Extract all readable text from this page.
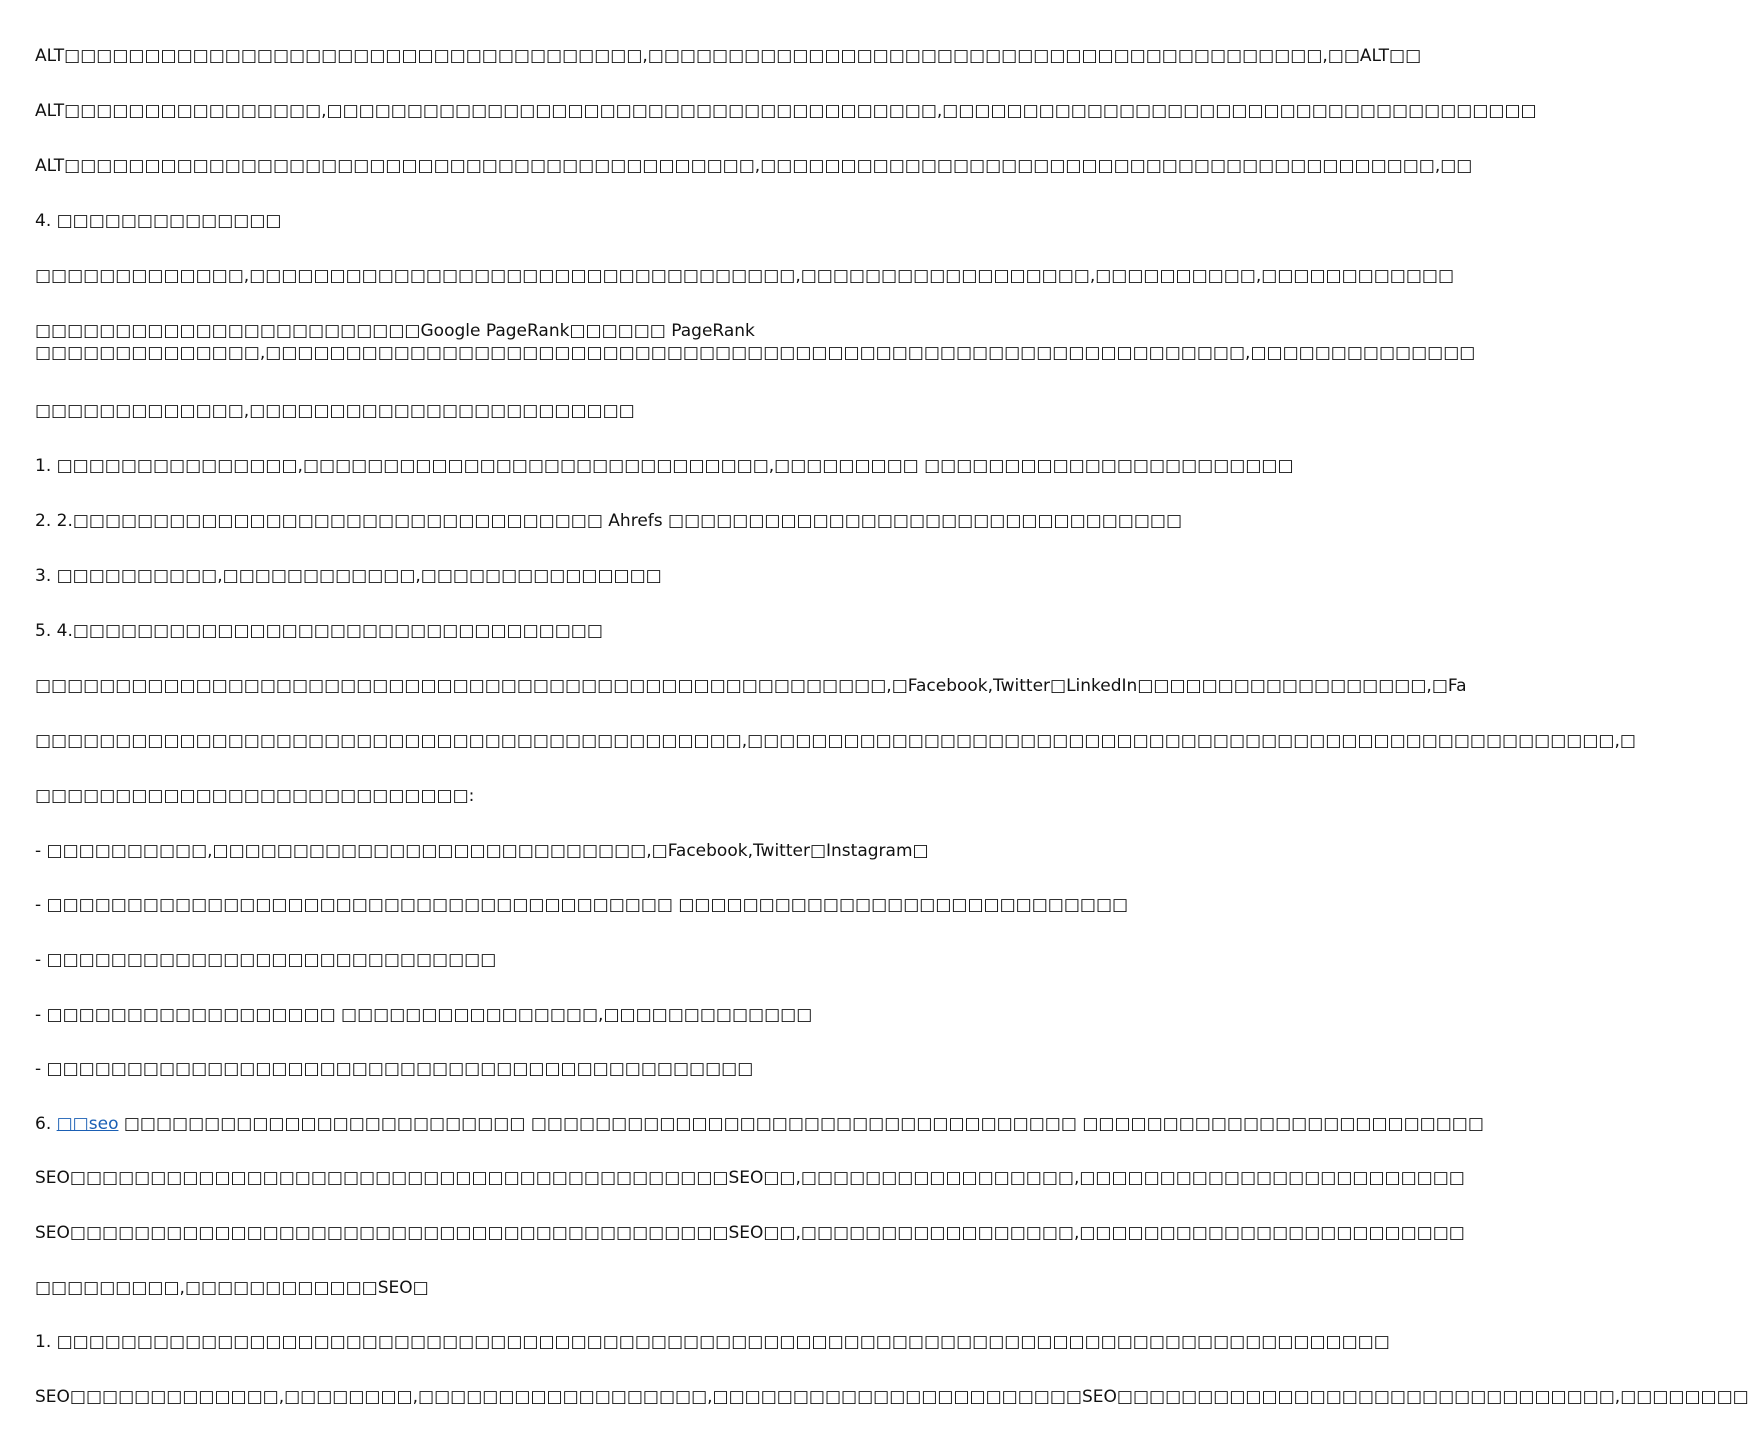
ALT□□□□□□□□□□□□□□□□□□□□□□□□□□□□□□□□□□□□,□□□□□□□□□□□□□□□□□□□□□□□□□□□□□□□□□□□□□□□□□□,□□ALT□□
ALT□□□□□□□□□□□□□□□□,□□□□□□□□□□□□□□□□□□□□□□□□□□□□□□□□□□□□□□,□□□□□□□□□□□□□□□□□□□□□□□□□□□□□□□□□□□□□
ALT□□□□□□□□□□□□□□□□□□□□□□□□□□□□□□□□□□□□□□□□□□□,□□□□□□□□□□□□□□□□□□□□□□□□□□□□□□□□□□□□□□□□□□,□□
4. □□□□□□□□□□□□□□
□□□□□□□□□□□□□,□□□□□□□□□□□□□□□□□□□□□□□□□□□□□□□□□□,□□□□□□□□□□□□□□□□□□,□□□□□□□□□□,□□□□□□□□□□□□
□□□□□□□□□□□□□□□□□□□□□□□□Google PageRank□□□□□□ PageRank □□□□□□□□□□□□□□,□□□□□□□□□□□□□□□□□□□□□□□□□□□□□□□□□□□□□□□□□□□□□□□□□□□□□□□□□□□□□,□□□□□□□□□□□□□□
□□□□□□□□□□□□□,□□□□□□□□□□□□□□□□□□□□□□□□
1. □□□□□□□□□□□□□□□,□□□□□□□□□□□□□□□□□□□□□□□□□□□□□,□□□□□□□□□ □□□□□□□□□□□□□□□□□□□□□□□
2. 2.□□□□□□□□□□□□□□□□□□□□□□□□□□□□□□□□□ Ahrefs □□□□□□□□□□□□□□□□□□□□□□□□□□□□□□□□
3. □□□□□□□□□□,□□□□□□□□□□□□,□□□□□□□□□□□□□□□
5. 4.□□□□□□□□□□□□□□□□□□□□□□□□□□□□□□□□□
□□□□□□□□□□□□□□□□□□□□□□□□□□□□□□□□□□□□□□□□□□□□□□□□□□□□□,□Facebook,Twitter□LinkedIn□□□□□□□□□□□□□□□□□□,□Fa
□□□□□□□□□□□□□□□□□□□□□□□□□□□□□□□□□□□□□□□□□□□□,□□□□□□□□□□□□□□□□□□□□□□□□□□□□□□□□□□□□□□□□□□□□□□□□□□□□□□,□
□□□□□□□□□□□□□□□□□□□□□□□□□□□:
- □□□□□□□□□□,□□□□□□□□□□□□□□□□□□□□□□□□□□□,□Facebook,Twitter□Instagram□
- □□□□□□□□□□□□□□□□□□□□□□□□□□□□□□□□□□□□□□□ □□□□□□□□□□□□□□□□□□□□□□□□□□□□
- □□□□□□□□□□□□□□□□□□□□□□□□□□□□
- □□□□□□□□□□□□□□□□□□ □□□□□□□□□□□□□□□□,□□□□□□□□□□□□□
- □□□□□□□□□□□□□□□□□□□□□□□□□□□□□□□□□□□□□□□□□□□□
6. □□seo □□□□□□□□□□□□□□□□□□□□□□□□□ □□□□□□□□□□□□□□□□□□□□□□□□□□□□□□□□□□ □□□□□□□□□□□□□□□□□□□□□□□□□
SEO□□□□□□□□□□□□□□□□□□□□□□□□□□□□□□□□□□□□□□□□□SEO□□,□□□□□□□□□□□□□□□□□,□□□□□□□□□□□□□□□□□□□□□□□□
SEO□□□□□□□□□□□□□□□□□□□□□□□□□□□□□□□□□□□□□□□□□SEO□□,□□□□□□□□□□□□□□□□□,□□□□□□□□□□□□□□□□□□□□□□□□
□□□□□□□□□,□□□□□□□□□□□□SEO□
1. □□□□□□□□□□□□□□□□□□□□□□□□□□□□□□□□□□□□□□□□□□□□□□□□□□□□□□□□□□□□□□□□□□□□□□□□□□□□□□□□□□□
SEO□□□□□□□□□□□□□,□□□□□□□□,□□□□□□□□□□□□□□□□□□,□□□□□□□□□□□□□□□□□□□□□□□SEO□□□□□□□□□□□□□□□□□□□□□□□□□□□□□□□,□□□□□□□□
